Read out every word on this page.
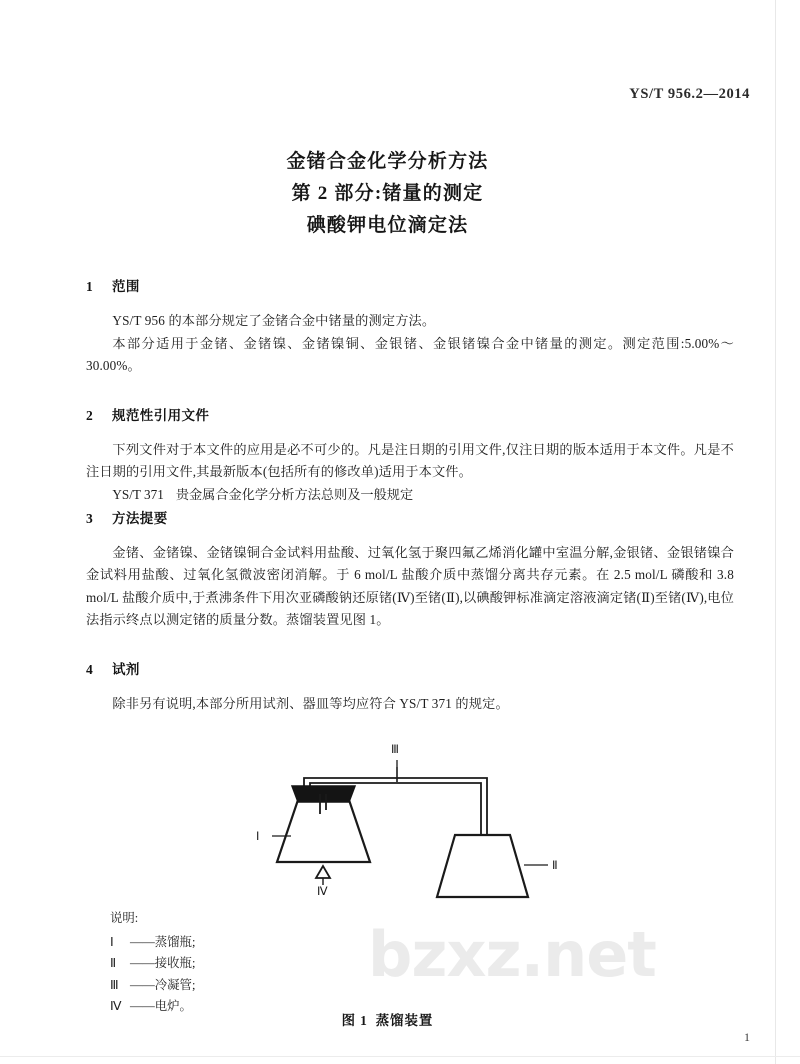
YS/T 956.2—2014
金锗合金化学分析方法
第 2 部分:锗量的测定
碘酸钾电位滴定法
1 范围

YS/T 956 的本部分规定了金锗合金中锗量的测定方法。

本部分适用于金锗、金锗镍、金锗镍铜、金银锗、金银锗镍合金中锗量的测定。测定范围:5.00%～30.00%。

2 规范性引用文件

下列文件对于本文件的应用是必不可少的。凡是注日期的引用文件,仅注日期的版本适用于本文件。凡是不注日期的引用文件,其最新版本(包括所有的修改单)适用于本文件。

YS/T 371 贵金属合金化学分析方法总则及一般规定

3 方法提要

金锗、金锗镍、金锗镍铜合金试料用盐酸、过氧化氢于聚四氟乙烯消化罐中室温分解,金银锗、金银锗镍合金试料用盐酸、过氧化氢微波密闭消解。于 6 mol/L 盐酸介质中蒸馏分离共存元素。在 2.5 mol/L 磷酸和 3.8 mol/L 盐酸介质中,于煮沸条件下用次亚磷酸钠还原锗(Ⅳ)至锗(Ⅱ),以碘酸钾标准滴定溶液滴定锗(Ⅱ)至锗(Ⅳ),电位法指示终点以测定锗的质量分数。蒸馏装置见图 1。

4 试剂

除非另有说明,本部分所用试剂、器皿等均应符合 YS/T 371 的规定。

bzxz.net
Ⅰ
Ⅱ
Ⅲ
Ⅳ
说明:
Ⅰ ——蒸馏瓶;
Ⅱ ——接收瓶;
Ⅲ ——冷凝管;
Ⅳ ——电炉。
图 1 蒸馏装置
1
